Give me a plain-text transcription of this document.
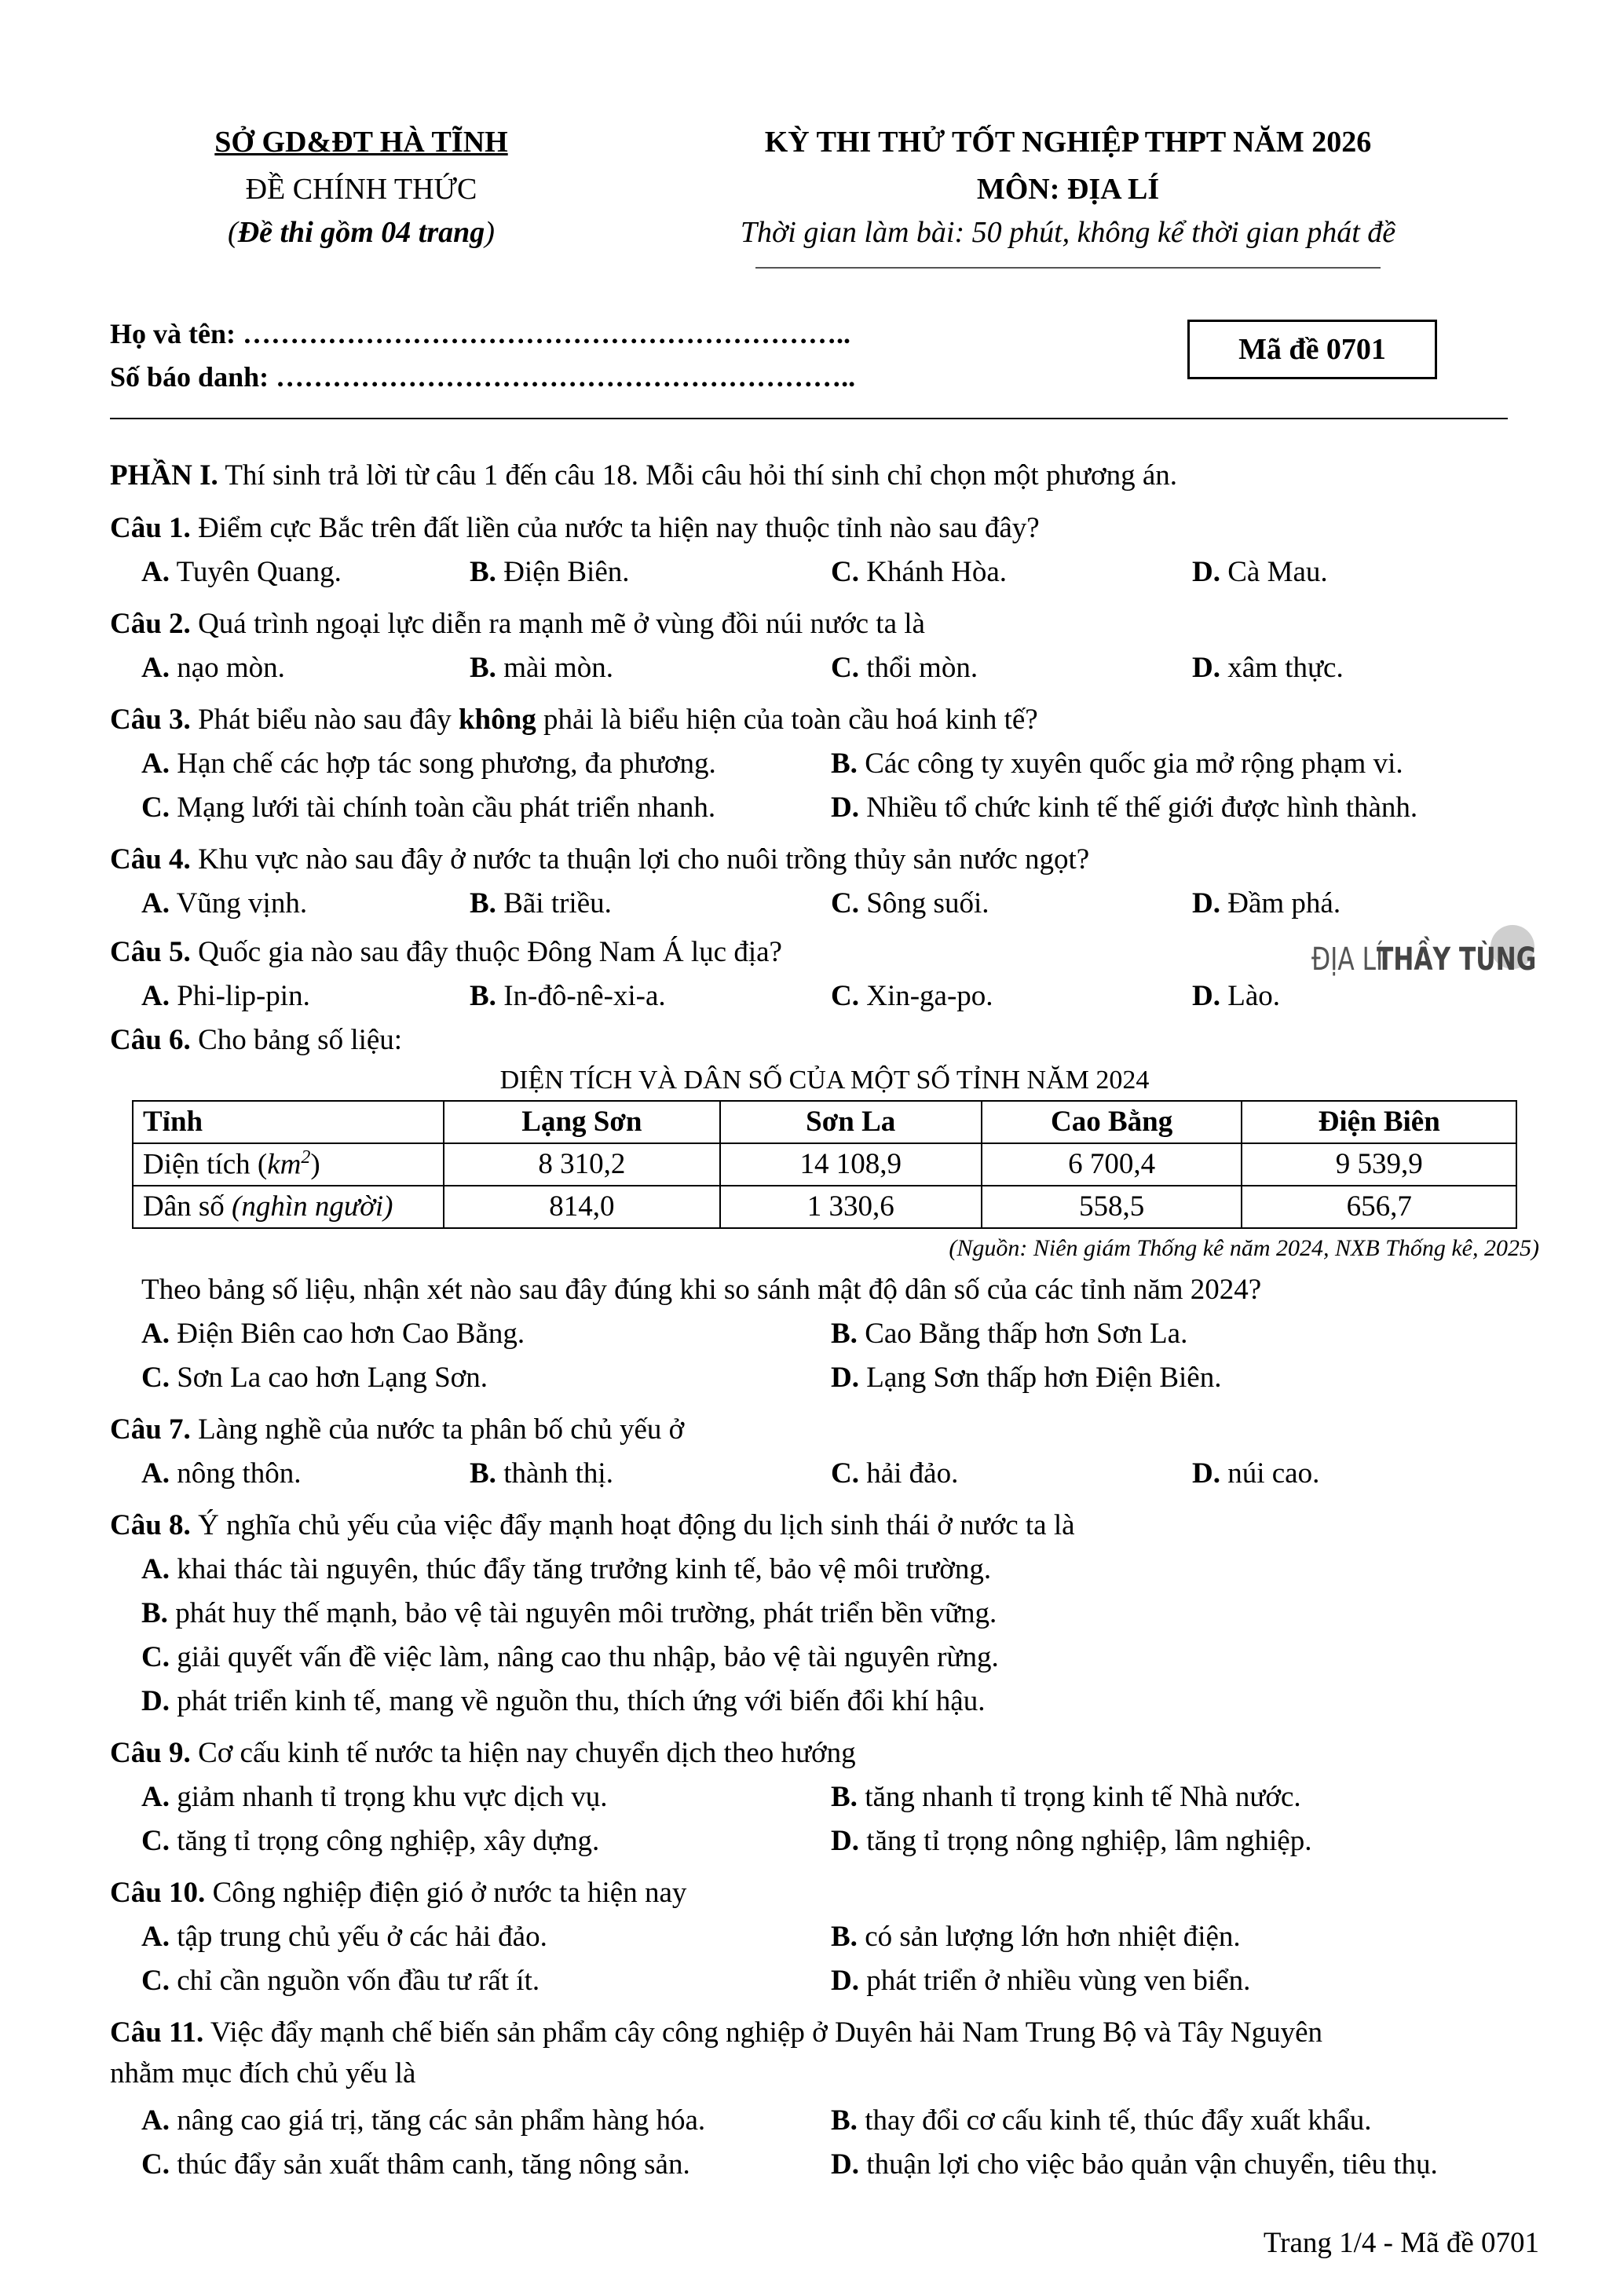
SỞ GD&ĐT HÀ TĨNH
ĐỀ CHÍNH THỨC
(Đề thi gồm 04 trang)
KỲ THI THỬ TỐT NGHIỆP THPT NĂM 2026
MÔN: ĐỊA LÍ
Thời gian làm bài: 50 phút, không kể thời gian phát đề
Họ và tên: ………………………………………………………..
Số báo danh: ……………………………………………………..
Mã đề 0701
PHẦN I. Thí sinh trả lời từ câu 1 đến câu 18. Mỗi câu hỏi thí sinh chỉ chọn một phương án.
Câu 1. Điểm cực Bắc trên đất liền của nước ta hiện nay thuộc tỉnh nào sau đây?
A. Tuyên Quang.	B. Điện Biên.	C. Khánh Hòa.	D. Cà Mau.
Câu 2. Quá trình ngoại lực diễn ra mạnh mẽ ở vùng đồi núi nước ta là
A. nạo mòn.	B. mài mòn.	C. thổi mòn.	D. xâm thực.
Câu 3. Phát biểu nào sau đây không phải là biểu hiện của toàn cầu hoá kinh tế?
A. Hạn chế các hợp tác song phương, đa phương.	B. Các công ty xuyên quốc gia mở rộng phạm vi.
C. Mạng lưới tài chính toàn cầu phát triển nhanh.	D. Nhiều tổ chức kinh tế thế giới được hình thành.
Câu 4. Khu vực nào sau đây ở nước ta thuận lợi cho nuôi trồng thủy sản nước ngọt?
A. Vũng vịnh.	B. Bãi triều.	C. Sông suối.	D. Đầm phá.
Câu 5. Quốc gia nào sau đây thuộc Đông Nam Á lục địa?
A. Phi-lip-pin.	B. In-đô-nê-xi-a.	C. Xin-ga-po.	D. Lào.
ĐỊA LÍ
THẦY TÙNG
Câu 6. Cho bảng số liệu:
DIỆN TÍCH VÀ DÂN SỐ CỦA MỘT SỐ TỈNH NĂM 2024
Tỉnh	Lạng Sơn	Sơn La	Cao Bằng	Điện Biên
Diện tích $(km^2)$	8 310,2	14 108,9	6 700,4	9 539,9
Dân số (nghìn người)	814,0	1 330,6	558,5	656,7
(Nguồn: Niên giám Thống kê năm 2024, NXB Thống kê, 2025)
Theo bảng số liệu, nhận xét nào sau đây đúng khi so sánh mật độ dân số của các tỉnh năm 2024?
A. Điện Biên cao hơn Cao Bằng.	B. Cao Bằng thấp hơn Sơn La.
C. Sơn La cao hơn Lạng Sơn.	D. Lạng Sơn thấp hơn Điện Biên.
Câu 7. Làng nghề của nước ta phân bố chủ yếu ở
A. nông thôn.	B. thành thị.	C. hải đảo.	D. núi cao.
Câu 8. Ý nghĩa chủ yếu của việc đẩy mạnh hoạt động du lịch sinh thái ở nước ta là
A. khai thác tài nguyên, thúc đẩy tăng trưởng kinh tế, bảo vệ môi trường.
B. phát huy thế mạnh, bảo vệ tài nguyên môi trường, phát triển bền vững.
C. giải quyết vấn đề việc làm, nâng cao thu nhập, bảo vệ tài nguyên rừng.
D. phát triển kinh tế, mang về nguồn thu, thích ứng với biến đổi khí hậu.
Câu 9. Cơ cấu kinh tế nước ta hiện nay chuyển dịch theo hướng
A. giảm nhanh tỉ trọng khu vực dịch vụ.	B. tăng nhanh tỉ trọng kinh tế Nhà nước.
C. tăng tỉ trọng công nghiệp, xây dựng.	D. tăng tỉ trọng nông nghiệp, lâm nghiệp.
Câu 10. Công nghiệp điện gió ở nước ta hiện nay
A. tập trung chủ yếu ở các hải đảo.	B. có sản lượng lớn hơn nhiệt điện.
C. chỉ cần nguồn vốn đầu tư rất ít.	D. phát triển ở nhiều vùng ven biển.
Câu 11. Việc đẩy mạnh chế biến sản phẩm cây công nghiệp ở Duyên hải Nam Trung Bộ và Tây Nguyên
nhằm mục đích chủ yếu là
A. nâng cao giá trị, tăng các sản phẩm hàng hóa.	B. thay đổi cơ cấu kinh tế, thúc đẩy xuất khẩu.
C. thúc đẩy sản xuất thâm canh, tăng nông sản.	D. thuận lợi cho việc bảo quản vận chuyển, tiêu thụ.
Trang 1/4 - Mã đề 0701
